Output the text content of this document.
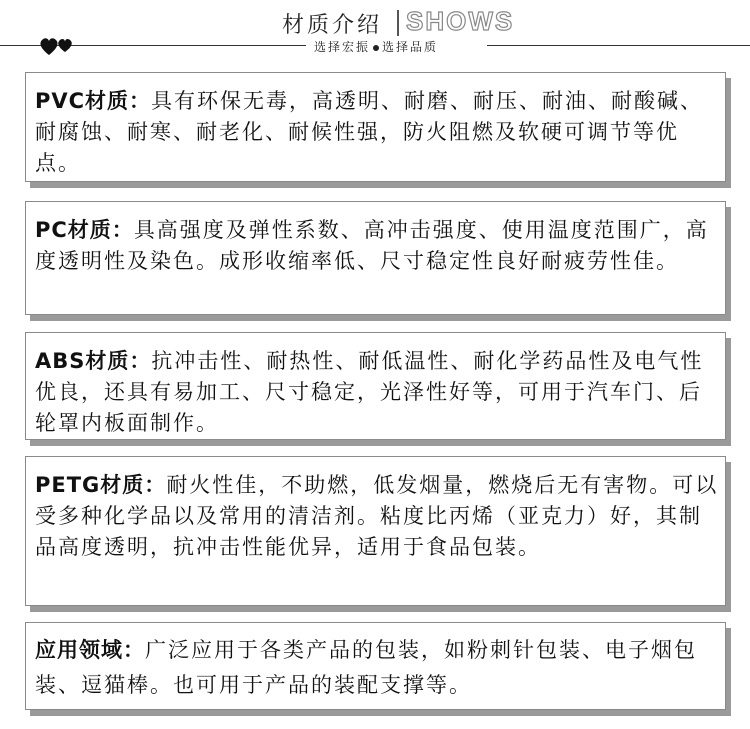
材质介绍 SHOWS
选择宏振 选择品质

PVC材质：具有环保无毒，高透明、耐磨、耐压、耐油、耐酸碱、耐腐蚀、耐寒、耐老化、耐候性强，防火阻燃及软硬可调节等优点。

PC材质：具高强度及弹性系数、高冲击强度、使用温度范围广，高度透明性及染色。成形收缩率低、尺寸稳定性良好耐疲劳性佳。

ABS材质：抗冲击性、耐热性、耐低温性、耐化学药品性及电气性优良，还具有易加工、尺寸稳定，光泽性好等，可用于汽车门、后轮罩内板面制作。

PETG材质：耐火性佳，不助燃，低发烟量，燃烧后无有害物。可以受多种化学品以及常用的清洁剂。粘度比丙烯（亚克力）好，其制品高度透明，抗冲击性能优异，适用于食品包装。

应用领域：广泛应用于各类产品的包装，如粉刺针包装、电子烟包装、逗猫棒。也可用于产品的装配支撑等。
